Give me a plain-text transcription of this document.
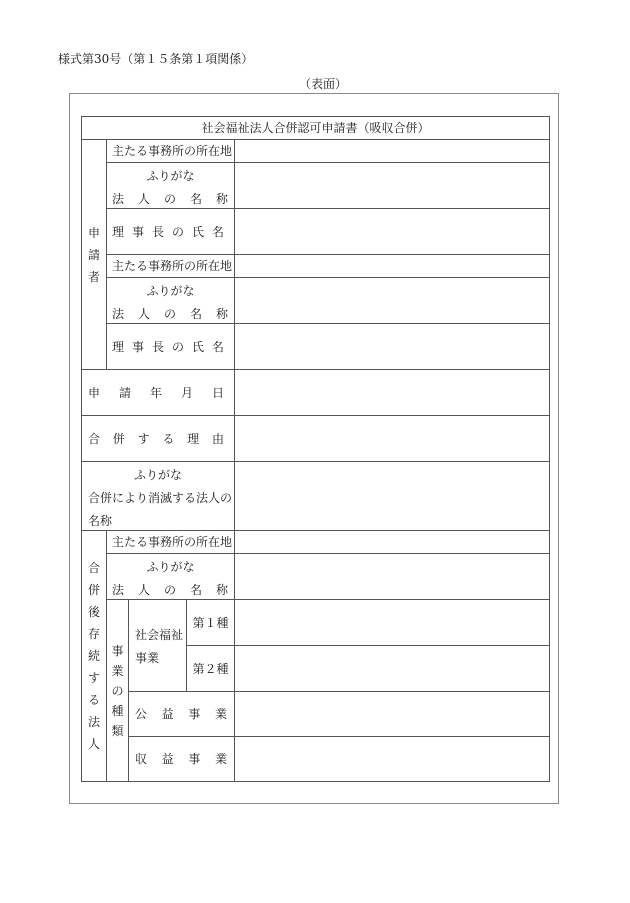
様式第30号（第１５条第１項関係）
（表面）
社会福祉法人合併認可申請書（吸収合併）
申
請
者
主たる事務所の所在地
ふりがな
法 人 の 名 称
理 事 長 の 氏 名
主たる事務所の所在地
ふりがな
法 人 の 名 称
理 事 長 の 氏 名
申 請 年 月 日
合 併 す る 理 由
ふりがな
合併により消滅する法人の
名称
合
併
後
存
続
す
る
法
人
主たる事務所の所在地
ふりがな
法 人 の 名 称
事
業
の
種
類
社会福祉
事業
第１種
第２種
公 益 事 業
収 益 事 業
